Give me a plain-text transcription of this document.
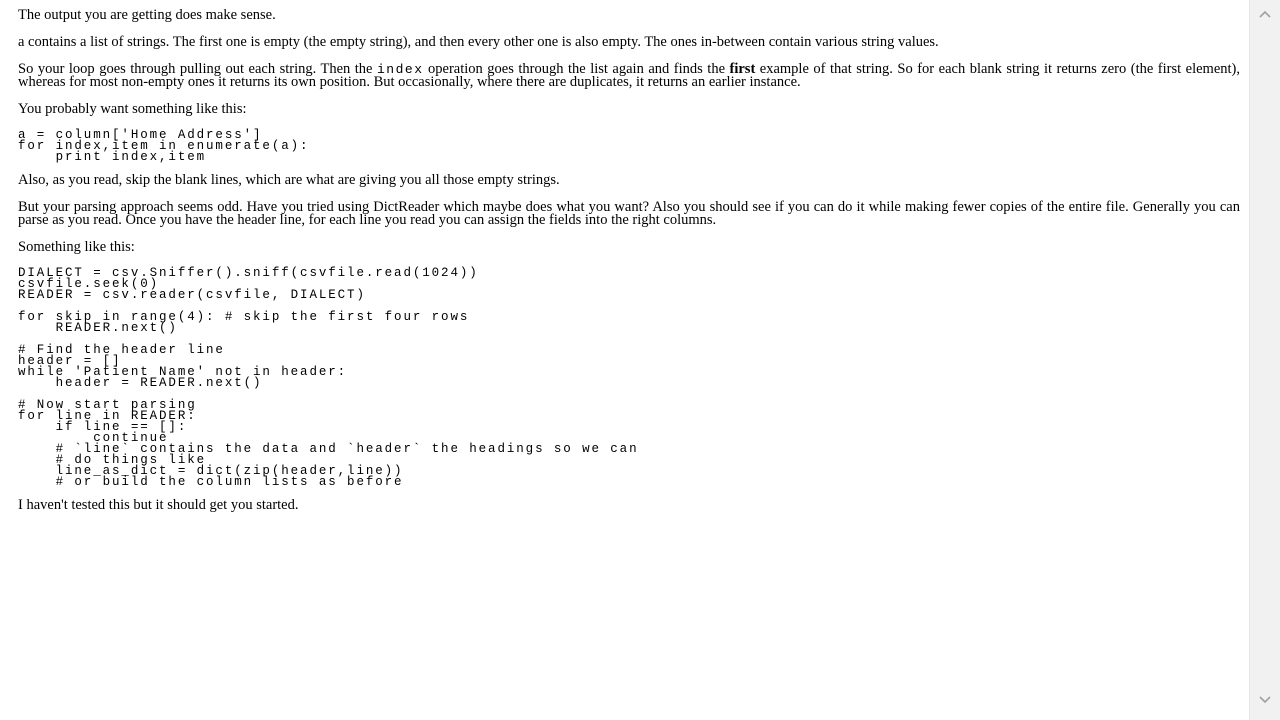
The output you are getting does make sense.

a contains a list of strings. The first one is empty (the empty string), and then every other one is also empty. The ones in-between contain various string values.

So your loop goes through pulling out each string. Then the index operation goes through the list again and finds the first example of that string. So for each blank string it returns zero (the first element), whereas for most non-empty ones it returns its own position. But occasionally, where there are duplicates, it returns an earlier instance.

You probably want something like this:

a = column['Home Address']
for index,item in enumerate(a):
print index,item

Also, as you read, skip the blank lines, which are what are giving you all those empty strings.

But your parsing approach seems odd. Have you tried using DictReader which maybe does what you want? Also you should see if you can do it while making fewer copies of the entire file. Generally you can parse as you read. Once you have the header line, for each line you read you can assign the fields into the right columns.

Something like this:

DIALECT = csv.Sniffer().sniff(csvfile.read(1024))
csvfile.seek(0)
READER = csv.reader(csvfile, DIALECT)
for skip in range(4): # skip the first four rows
READER.next()
# Find the header line
header = []
while 'Patient Name' not in header:
header = READER.next()
# Now start parsing
for line in READER:
if line == []:
continue
# `line` contains the data and `header` the headings so we can
# do things like
line_as_dict = dict(zip(header,line))
# or build the column lists as before

I haven't tested this but it should get you started.
